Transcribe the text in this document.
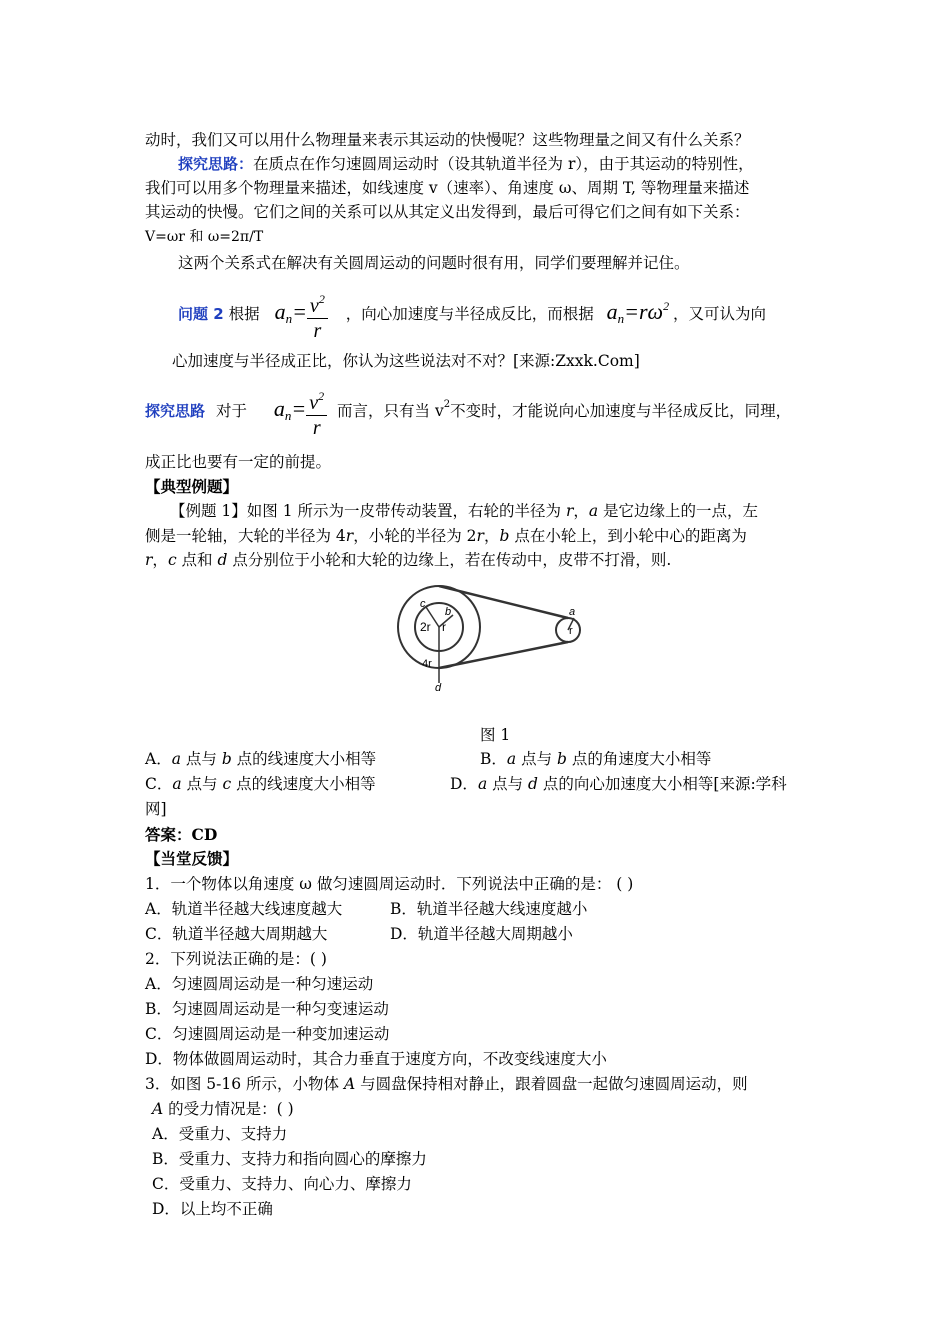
动时，我们又可以用什么物理量来表示其运动的快慢呢？这些物理量之间又有什么关系？
探究思路：在质点在作匀速圆周运动时（设其轨道半径为 r），由于其运动的特别性，
我们可以用多个物理量来描述，如线速度 v（速率）、角速度 ω、周期 T, 等物理量来描述
其运动的快慢。它们之间的关系可以从其定义出发得到，最后可得它们之间有如下关系：
V=ωr 和 ω=2π/T
这两个关系式在解决有关圆周运动的问题时很有用，同学们要理解并记住。
问题 2 根据 $a_n= \frac{v^2}{r}$ ，向心加速度与半径成反比，而根据 $a_n=r\omega^2$ ，又可认为向
心加速度与半径成正比，你认为这些说法对不对？[来源:Zxxk.Com]
探究思路 对于 $a_n= \frac{v^2}{r}$ 而言，只有当 $v^2$不变时，才能说向心加速度与半径成反比，同理，
成正比也要有一定的前提。
【典型例题】
【例题 1】如图 1 所示为一皮带传动装置，右轮的半径为 r，a 是它边缘上的一点，左
侧是一轮轴，大轮的半径为 4r，小轮的半径为 2r，b 点在小轮上，到小轮中心的距离为
r，c 点和 d 点分别位于小轮和大轮的边缘上，若在传动中，皮带不打滑，则.
c
b
2r r
4r
a
r
d
图 1
A．a 点与 b 点的线速度大小相等	B．a 点与 b 点的角速度大小相等
C．a 点与 c 点的线速度大小相等	D．a 点与 d 点的向心加速度大小相等[来源:学科
网]
答案：CD
【当堂反馈】
1．一个物体以角速度 ω 做匀速圆周运动时．下列说法中正确的是： ( )
A．轨道半径越大线速度越大	B．轨道半径越大线速度越小
C．轨道半径越大周期越大	D．轨道半径越大周期越小
2．下列说法正确的是：( )
A．匀速圆周运动是一种匀速运动
B．匀速圆周运动是一种匀变速运动
C．匀速圆周运动是一种变加速运动
D．物体做圆周运动时，其合力垂直于速度方向，不改变线速度大小
3．如图 5-16 所示，小物体 A 与圆盘保持相对静止，跟着圆盘一起做匀速圆周运动，则
A 的受力情况是：( )
A．受重力、支持力
B．受重力、支持力和指向圆心的摩擦力
C．受重力、支持力、向心力、摩擦力
D．以上均不正确
